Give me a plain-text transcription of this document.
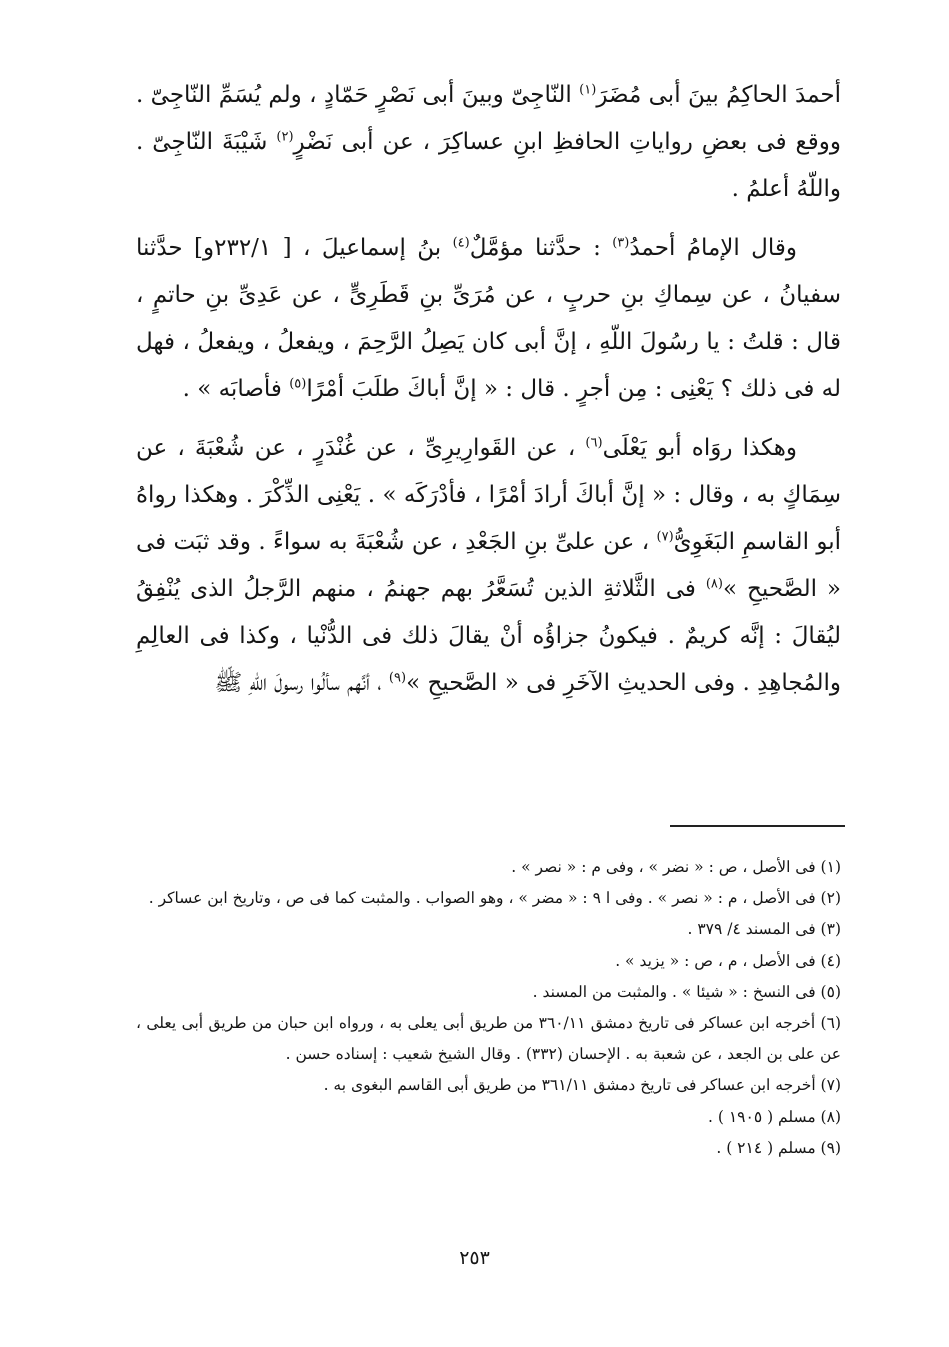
أحمدَ الحاكِمُ بينَ أبى مُضَرَ$^{(١)}$ النّاجِىّ وبينَ أبى نَصْرٍ حَمّادٍ ، ولم يُسَمِّ النّاجِىّ . ووقع فى بعضِ رواياتِ الحافظِ ابنِ عساكِرَ ، عن أبى نَضْرٍ$^{(٢)}$ شَيْبَةَ النّاجِىّ . واللّهُ أعلمُ .

وقال الإمامُ أحمدُ$^{(٣)}$ : حدَّثنا مؤمَّلٌ$^{(٤)}$ بنُ إسماعيلَ ، [ ٢٣٢/١و] حدَّثنا سفيانُ ، عن سِماكِ بنِ حربٍ ، عن مُرَىِّ بنِ قَطَرِىٍّ ، عن عَدِىِّ بنِ حاتمٍ ، قال : قلتُ : يا رسُولَ اللّهِ ، إنَّ أبى كان يَصِلُ الرَّحِمَ ، ويفعلُ ، ويفعلُ ، فهل له فى ذلك ؟ يَعْنِى : مِن أجرٍ . قال : « إنَّ أباكَ طلَبَ أمْرًا$^{(٥)}$ فأصابَه » .

وهكذا روَاه أبو يَعْلَى$^{(٦)}$ ، عن القَوارِيرِىِّ ، عن غُنْدَرٍ ، عن شُعْبَةَ ، عن سِمَاكٍ به ، وقال : « إنَّ أباكَ أرادَ أمْرًا ، فأدْرَكَه » . يَعْنِى الذِّكْرَ . وهكذا رواهُ أبو القاسمِ البَغَوِىُّ$^{(٧)}$ ، عن علىِّ بنِ الجَعْدِ ، عن شُعْبَةَ به سواءً . وقد ثبَت فى « الصَّحيحِ »$^{(٨)}$ فى الثَّلاثةِ الذين تُسَعَّرُ بهم جهنمُ ، منهم الرَّجلُ الذى يُنْفِقُ ليُقالَ : إنَّه كريمٌ . فيكونُ جزاؤُه أنْ يقالَ ذلك فى الدُّنْيا ، وكذا فى العالِمِ والمُجاهِدِ . وفى الحديثِ الآخَرِ فى « الصَّحيحِ »$^{(٩)}$ ، أنَّهم سألُوا رسولَ اللّهِ ﷺ

(١) فى الأصل ، ص : « نضر » ، وفى م : « نصر » .

(٢) فى الأصل ، م : « نصر » . وفى ا ٩ : « مضر » ، وهو الصواب . والمثبت كما فى ص ، وتاريخ ابن عساكر .

(٣) فى المسند ٤/ ٣٧٩ .

(٤) فى الأصل ، م ، ص : « يزيد » .

(٥) فى النسخ : « شيئا » . والمثبت من المسند .

(٦) أخرجه ابن عساكر فى تاريخ دمشق ٣٦٠/١١ من طريق أبى يعلى به ، ورواه ابن حبان من طريق أبى يعلى ، عن على بن الجعد ، عن شعبة به . الإحسان (٣٣٢) . وقال الشيخ شعيب : إسناده حسن .

(٧) أخرجه ابن عساكر فى تاريخ دمشق ٣٦١/١١ من طريق أبى القاسم البغوى به .

(٨) مسلم ( ١٩٠٥ ) .

(٩) مسلم ( ٢١٤ ) .

٢٥٣
